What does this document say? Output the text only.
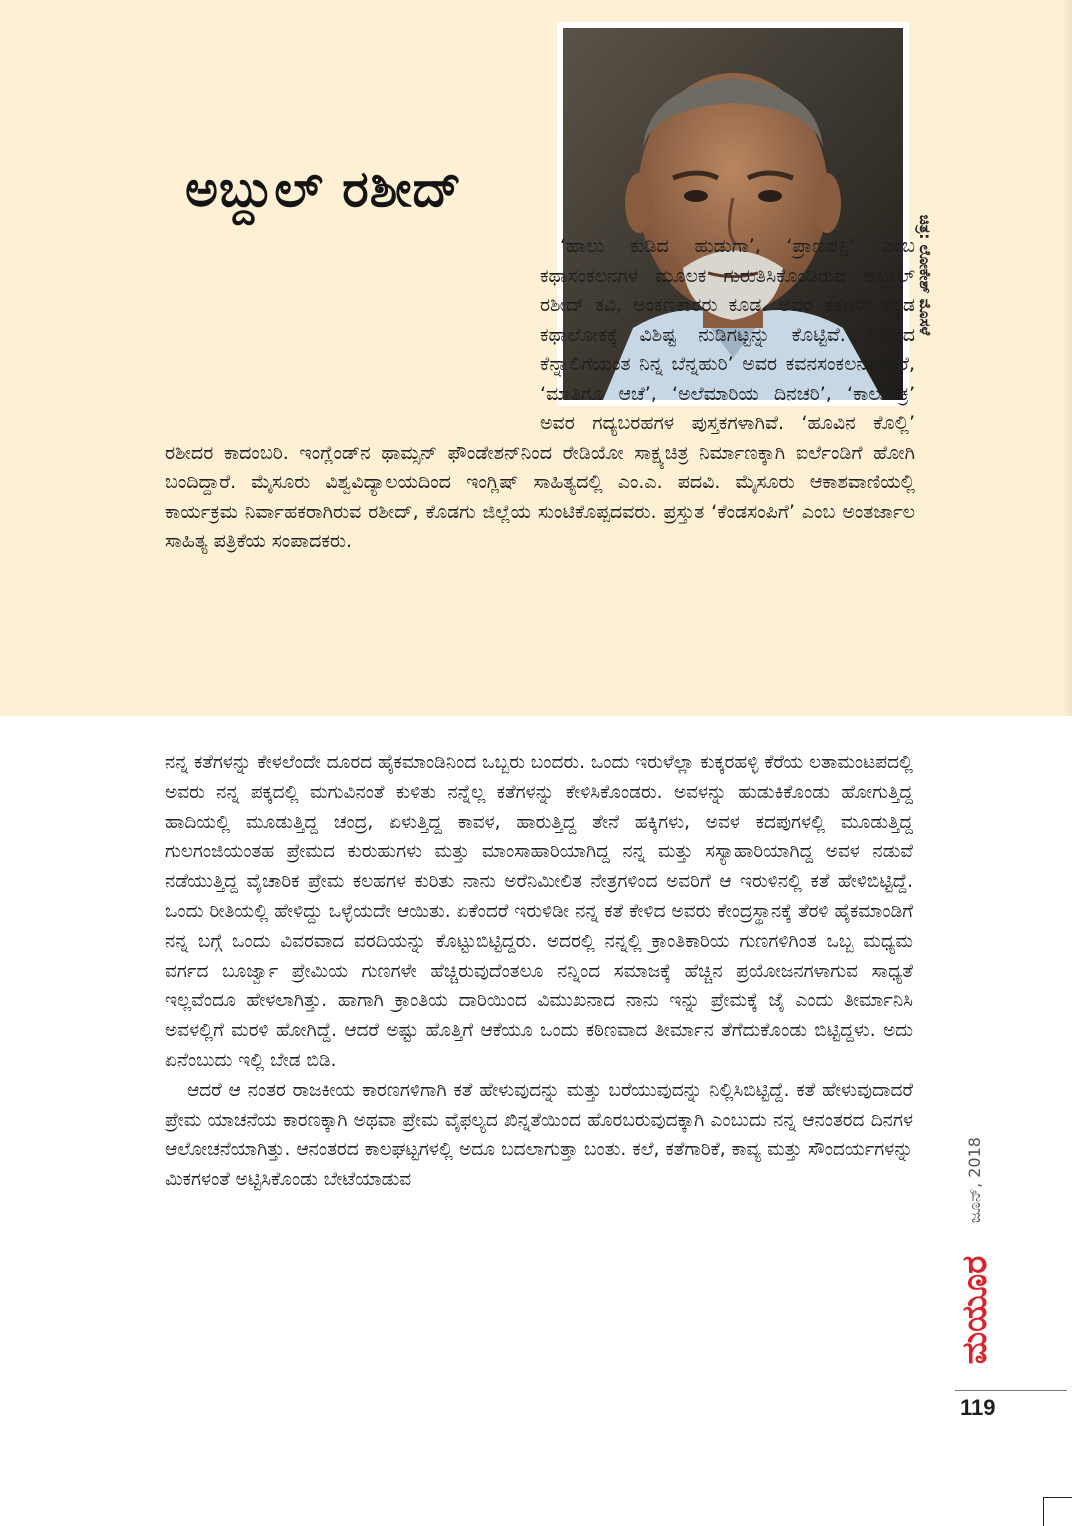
ಚಿತ್ರ: ಲೋಕೇಶ್ ಮೊಸಳೆ
ಅಬ್ದುಲ್ ರಶೀದ್

‘ಹಾಲು ಕುಡಿದ ಹುಡುಗಾ’, ‘ಪ್ರಾಣಪಕ್ಷಿ’ ಎಂಬ ಕಥಾಸಂಕಲನಗಳ ಮೂಲಕ ಗುರುತಿಸಿಕೊಂಡಿರುವ ಅಬ್ದುಲ್ ರಶೀದ್ ಕವಿ, ಅಂಕಣಕಾರರು ಕೂಡ. ಅವರ ಕತೆಗಳು ಕನ್ನಡ ಕಥಾಲೋಕಕ್ಕೆ ವಿಶಿಷ್ಟ ನುಡಿಗಟ್ಟನ್ನು ಕೊಟ್ಟಿವೆ. ‘ನರಕದ ಕೆನ್ನಾಲಿಗೆಯಂತ ನಿನ್ನ ಬೆನ್ನಹುರಿ’ ಅವರ ಕವನಸಂಕಲನವಾದರೆ, ‘ಮಾತಿಗೂ ಆಚೆ’, ‘ಅಲೆಮಾರಿಯ ದಿನಚರಿ’, ‘ಕಾಲುಚಕ್ರ’ ಅವರ ಗದ್ಯಬರಹಗಳ ಪುಸ್ತಕಗಳಾಗಿವೆ. ‘ಹೂವಿನ ಕೊಲ್ಲಿ’ ರಶೀದರ ಕಾದಂಬರಿ. ಇಂಗ್ಲೆಂಡ್‌ನ ಥಾಮ್ಸನ್ ಫೌಂಡೇಶನ್‌ನಿಂದ ರೇಡಿಯೋ ಸಾಕ್ಷ್ಯಚಿತ್ರ ನಿರ್ಮಾಣಕ್ಕಾಗಿ ಐರ್ಲೆಂಡಿಗೆ ಹೋಗಿ ಬಂದಿದ್ದಾರೆ. ಮೈಸೂರು ವಿಶ್ವವಿದ್ಯಾಲಯದಿಂದ ಇಂಗ್ಲಿಷ್ ಸಾಹಿತ್ಯದಲ್ಲಿ ಎಂ.ಎ. ಪದವಿ. ಮೈಸೂರು ಆಕಾಶವಾಣಿಯಲ್ಲಿ ಕಾರ್ಯಕ್ರಮ ನಿರ್ವಾಹಕರಾಗಿರುವ ರಶೀದ್, ಕೊಡಗು ಜಿಲ್ಲೆಯ ಸುಂಟಿಕೊಪ್ಪದವರು. ಪ್ರಸ್ತುತ ‘ಕೆಂಡಸಂಪಿಗೆ’ ಎಂಬ ಅಂತರ್ಜಾಲ ಸಾಹಿತ್ಯ ಪತ್ರಿಕೆಯ ಸಂಪಾದಕರು.

ನನ್ನ ಕತೆಗಳನ್ನು ಕೇಳಲೆಂದೇ ದೂರದ ಹೈಕಮಾಂಡಿನಿಂದ ಒಬ್ಬರು ಬಂದರು. ಒಂದು ಇರುಳೆಲ್ಲಾ ಕುಕ್ಕರಹಳ್ಳಿ ಕೆರೆಯ ಲತಾಮಂಟಪದಲ್ಲಿ ಅವರು ನನ್ನ ಪಕ್ಕದಲ್ಲಿ ಮಗುವಿನಂತೆ ಕುಳಿತು ನನ್ನೆಲ್ಲ ಕತೆಗಳನ್ನು ಕೇಳಿಸಿಕೊಂಡರು. ಅವಳನ್ನು ಹುಡುಕಿಕೊಂಡು ಹೋಗುತ್ತಿದ್ದ ಹಾದಿಯಲ್ಲಿ ಮೂಡುತ್ತಿದ್ದ ಚಂದ್ರ, ಏಳುತ್ತಿದ್ದ ಕಾವಳ, ಹಾರುತ್ತಿದ್ದ ತೇನೆ ಹಕ್ಕಿಗಳು, ಅವಳ ಕದಪುಗಳಲ್ಲಿ ಮೂಡುತ್ತಿದ್ದ ಗುಲಗಂಜಿಯಂತಹ ಪ್ರೇಮದ ಕುರುಹುಗಳು ಮತ್ತು ಮಾಂಸಾಹಾರಿಯಾಗಿದ್ದ ನನ್ನ ಮತ್ತು ಸಸ್ಯಾಹಾರಿಯಾಗಿದ್ದ ಅವಳ ನಡುವೆ ನಡೆಯುತ್ತಿದ್ದ ವೈಚಾರಿಕ ಪ್ರೇಮ ಕಲಹಗಳ ಕುರಿತು ನಾನು ಅರೆನಿಮೀಲಿತ ನೇತ್ರಗಳಿಂದ ಅವರಿಗೆ ಆ ಇರುಳಿನಲ್ಲಿ ಕತೆ ಹೇಳಿಬಿಟ್ಟಿದ್ದೆ. ಒಂದು ರೀತಿಯಲ್ಲಿ ಹೇಳಿದ್ದು ಒಳ್ಳೆಯದೇ ಆಯಿತು. ಏಕೆಂದರೆ ಇರುಳಿಡೀ ನನ್ನ ಕತೆ ಕೇಳಿದ ಅವರು ಕೇಂದ್ರಸ್ಥಾನಕ್ಕೆ ತೆರಳಿ ಹೈಕಮಾಂಡಿಗೆ ನನ್ನ ಬಗ್ಗೆ ಒಂದು ವಿವರವಾದ ವರದಿಯನ್ನು ಕೊಟ್ಟುಬಿಟ್ಟಿದ್ದರು. ಅದರಲ್ಲಿ ನನ್ನಲ್ಲಿ ಕ್ರಾಂತಿಕಾರಿಯ ಗುಣಗಳಿಗಿಂತ ಒಬ್ಬ ಮಧ್ಯಮ ವರ್ಗದ ಬೂರ್ಜ್ವಾ ಪ್ರೇಮಿಯ ಗುಣಗಳೇ ಹೆಚ್ಚಿರುವುದೆಂತಲೂ ನನ್ನಿಂದ ಸಮಾಜಕ್ಕೆ ಹೆಚ್ಚಿನ ಪ್ರಯೋಜನಗಳಾಗುವ ಸಾಧ್ಯತೆ ಇಲ್ಲವೆಂದೂ ಹೇಳಲಾಗಿತ್ತು. ಹಾಗಾಗಿ ಕ್ರಾಂತಿಯ ದಾರಿಯಿಂದ ವಿಮುಖನಾದ ನಾನು ಇನ್ನು ಪ್ರೇಮಕ್ಕೆ ಜೈ ಎಂದು ತೀರ್ಮಾನಿಸಿ ಅವಳಲ್ಲಿಗೆ ಮರಳಿ ಹೋಗಿದ್ದೆ. ಆದರೆ ಅಷ್ಟು ಹೊತ್ತಿಗೆ ಆಕೆಯೂ ಒಂದು ಕಠಿಣವಾದ ತೀರ್ಮಾನ ತೆಗೆದುಕೊಂಡು ಬಿಟ್ಟಿದ್ದಳು. ಅದು ಏನೆಂಬುದು ಇಲ್ಲಿ ಬೇಡ ಬಿಡಿ.

ಆದರೆ ಆ ನಂತರ ರಾಜಕೀಯ ಕಾರಣಗಳಿಗಾಗಿ ಕತೆ ಹೇಳುವುದನ್ನು ಮತ್ತು ಬರೆಯುವುದನ್ನು ನಿಲ್ಲಿಸಿಬಿಟ್ಟಿದ್ದೆ. ಕತೆ ಹೇಳುವುದಾದರೆ ಪ್ರೇಮ ಯಾಚನೆಯ ಕಾರಣಕ್ಕಾಗಿ ಅಥವಾ ಪ್ರೇಮ ವೈಫಲ್ಯದ ಖಿನ್ನತೆಯಿಂದ ಹೊರಬರುವುದಕ್ಕಾಗಿ ಎಂಬುದು ನನ್ನ ಆನಂತರದ ದಿನಗಳ ಆಲೋಚನೆಯಾಗಿತ್ತು. ಆನಂತರದ ಕಾಲಘಟ್ಟಗಳಲ್ಲಿ ಅದೂ ಬದಲಾಗುತ್ತಾ ಬಂತು. ಕಲೆ, ಕತೆಗಾರಿಕೆ, ಕಾವ್ಯ ಮತ್ತು ಸೌಂದರ್ಯಗಳನ್ನು ಮಿಕಗಳಂತೆ ಅಟ್ಟಿಸಿಕೊಂಡು ಬೇಟೆಯಾಡುವ	ಜೂನ್, 2018
ಮಯೂರ
119
